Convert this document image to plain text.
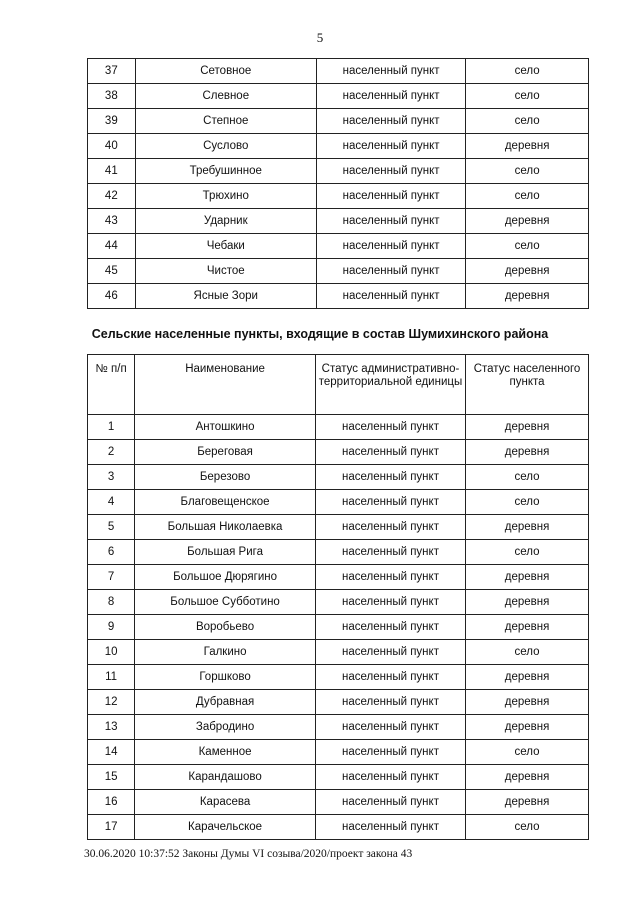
5
37	Сетовное	населенный пункт	село
38	Слевное	населенный пункт	село
39	Степное	населенный пункт	село
40	Суслово	населенный пункт	деревня
41	Требушинное	населенный пункт	село
42	Трюхино	населенный пункт	село
43	Ударник	населенный пункт	деревня
44	Чебаки	населенный пункт	село
45	Чистое	населенный пункт	деревня
46	Ясные Зори	населенный пункт	деревня
Сельские населенные пункты, входящие в состав Шумихинского района
№ п/п	Наименование	Статус административно-территориальной единицы	Статус населенного пункта
1	Антошкино	населенный пункт	деревня
2	Береговая	населенный пункт	деревня
3	Березово	населенный пункт	село
4	Благовещенское	населенный пункт	село
5	Большая Николаевка	населенный пункт	деревня
6	Большая Рига	населенный пункт	село
7	Большое Дюрягино	населенный пункт	деревня
8	Большое Субботино	населенный пункт	деревня
9	Воробьево	населенный пункт	деревня
10	Галкино	населенный пункт	село
11	Горшково	населенный пункт	деревня
12	Дубравная	населенный пункт	деревня
13	Забродино	населенный пункт	деревня
14	Каменное	населенный пункт	село
15	Карандашово	населенный пункт	деревня
16	Карасева	населенный пункт	деревня
17	Карачельское	населенный пункт	село
30.06.2020 10:37:52 Законы Думы VI созыва/2020/проект закона 43
